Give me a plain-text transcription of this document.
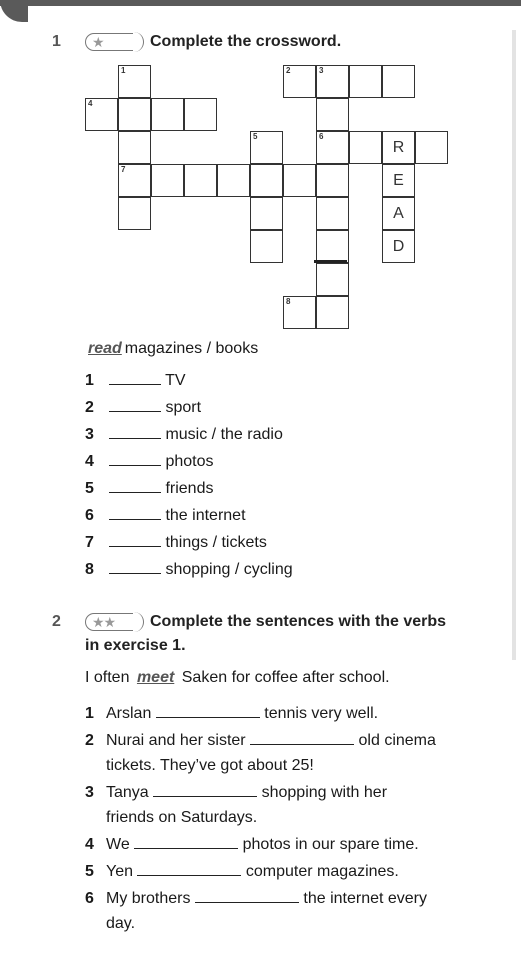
1	★	Complete the crossword.
1	2	3
4
5	6
R
7
E
A
D
8
read magazines / books
1	TV
2	sport
3	music / the radio
4	photos
5	friends
6	the internet
7	things / tickets
8	shopping / cycling
2	★★	Complete the sentences with the verbs
in exercise 1.
I often meet Saken for coffee after school.
1 Arslan	tennis very well.
2 Nurai and her sister	old cinema
tickets. They’ve got about 25!
3 Tanya	shopping with her
friends on Saturdays.
4 We	photos in our spare time.
5 Yen	computer magazines.
6 My brothers	the internet every
day.
